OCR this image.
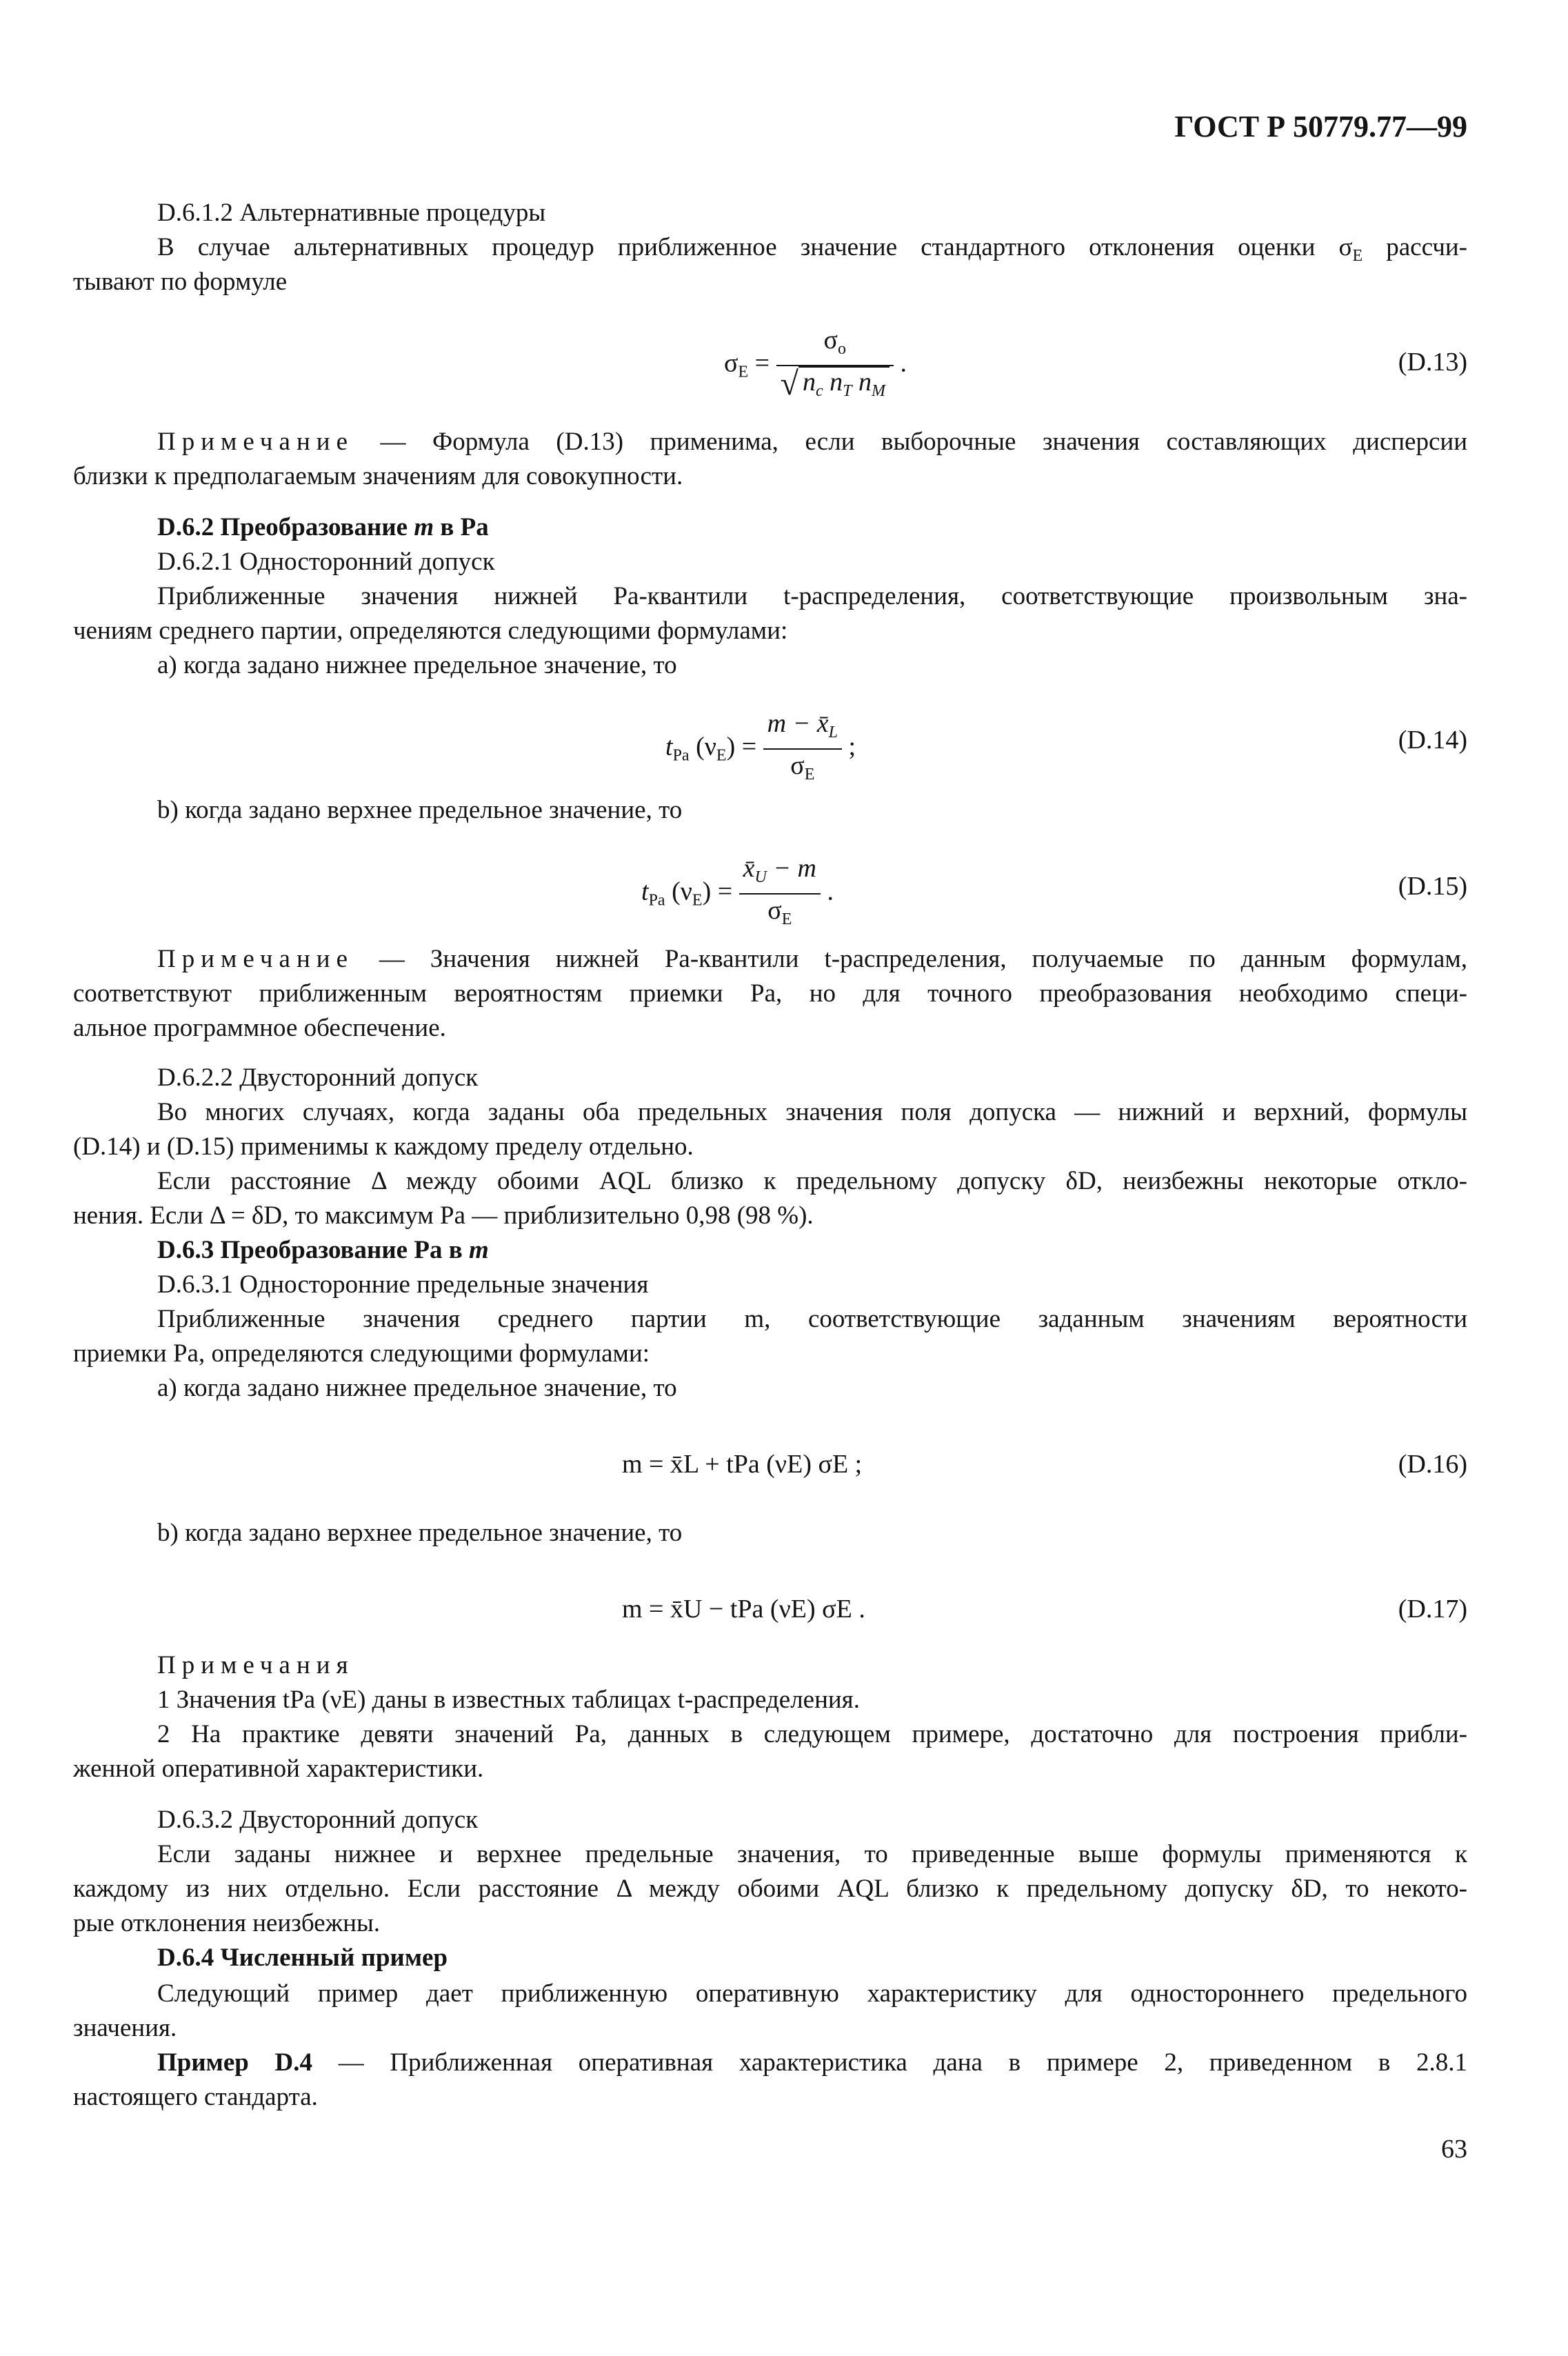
ГОСТ Р 50779.77—99
D.6.1.2 Альтернативные процедуры
В случае альтернативных процедур приближенное значение стандартного отклонения оценки $\sigma_E$ рассчи-
тывают по формуле
$\sigma_E = \frac{\sigma_o}{√ n_c n_T n_M}$ .	(D.13)
Примечание — Формула (D.13) применима, если выборочные значения составляющих дисперсии
близки к предполагаемым значениям для совокупности.
D.6.2 Преобразование m в Ра
D.6.2.1 Односторонний допуск
Приближенные значения нижней Ра-квантили t-распределения, соответствующие произвольным зна-
чениям среднего партии, определяются следующими формулами:
a) когда задано нижнее предельное значение, то
$t_{Pa}$ $(\nu_E) = \frac{m - x̄_L}{\sigma_E}$ ;	(D.14)
b) когда задано верхнее предельное значение, то
$t_{Pa}$ $(\nu_E) = \frac{x̄_U - m}{\sigma_E}$ .	(D.15)
Примечание — Значения нижней Ра-квантили t-распределения, получаемые по данным формулам,
соответствуют приближенным вероятностям приемки Ра, но для точного преобразования необходимо специ-
альное программное обеспечение.
D.6.2.2 Двусторонний допуск
Во многих случаях, когда заданы оба предельных значения поля допуска — нижний и верхний, формулы
(D.14) и (D.15) применимы к каждому пределу отдельно.
Если расстояние Δ между обоими AQL близко к предельному допуску δD, неизбежны некоторые откло-
нения. Если Δ = δD, то максимум Ра — приблизительно 0,98 (98 %).
D.6.3 Преобразование Ра в m
D.6.3.1 Односторонние предельные значения
Приближенные значения среднего партии m, соответствующие заданным значениям вероятности
приемки Ра, определяются следующими формулами:
a) когда задано нижнее предельное значение, то
m = x̄L + tPa (νE) σE ;	(D.16)
b) когда задано верхнее предельное значение, то
m = x̄U − tPa (νE) σE .	(D.17)
Примечания
1 Значения tPa (νE) даны в известных таблицах t-распределения.
2 На практике девяти значений Ра, данных в следующем примере, достаточно для построения прибли-
женной оперативной характеристики.
D.6.3.2 Двусторонний допуск
Если заданы нижнее и верхнее предельные значения, то приведенные выше формулы применяются к
каждому из них отдельно. Если расстояние Δ между обоими AQL близко к предельному допуску δD, то некото-
рые отклонения неизбежны.
D.6.4 Численный пример
Следующий пример дает приближенную оперативную характеристику для одностороннего предельного
значения.
Пример D.4 — Приближенная оперативная характеристика дана в примере 2, приведенном в 2.8.1
настоящего стандарта.
63
